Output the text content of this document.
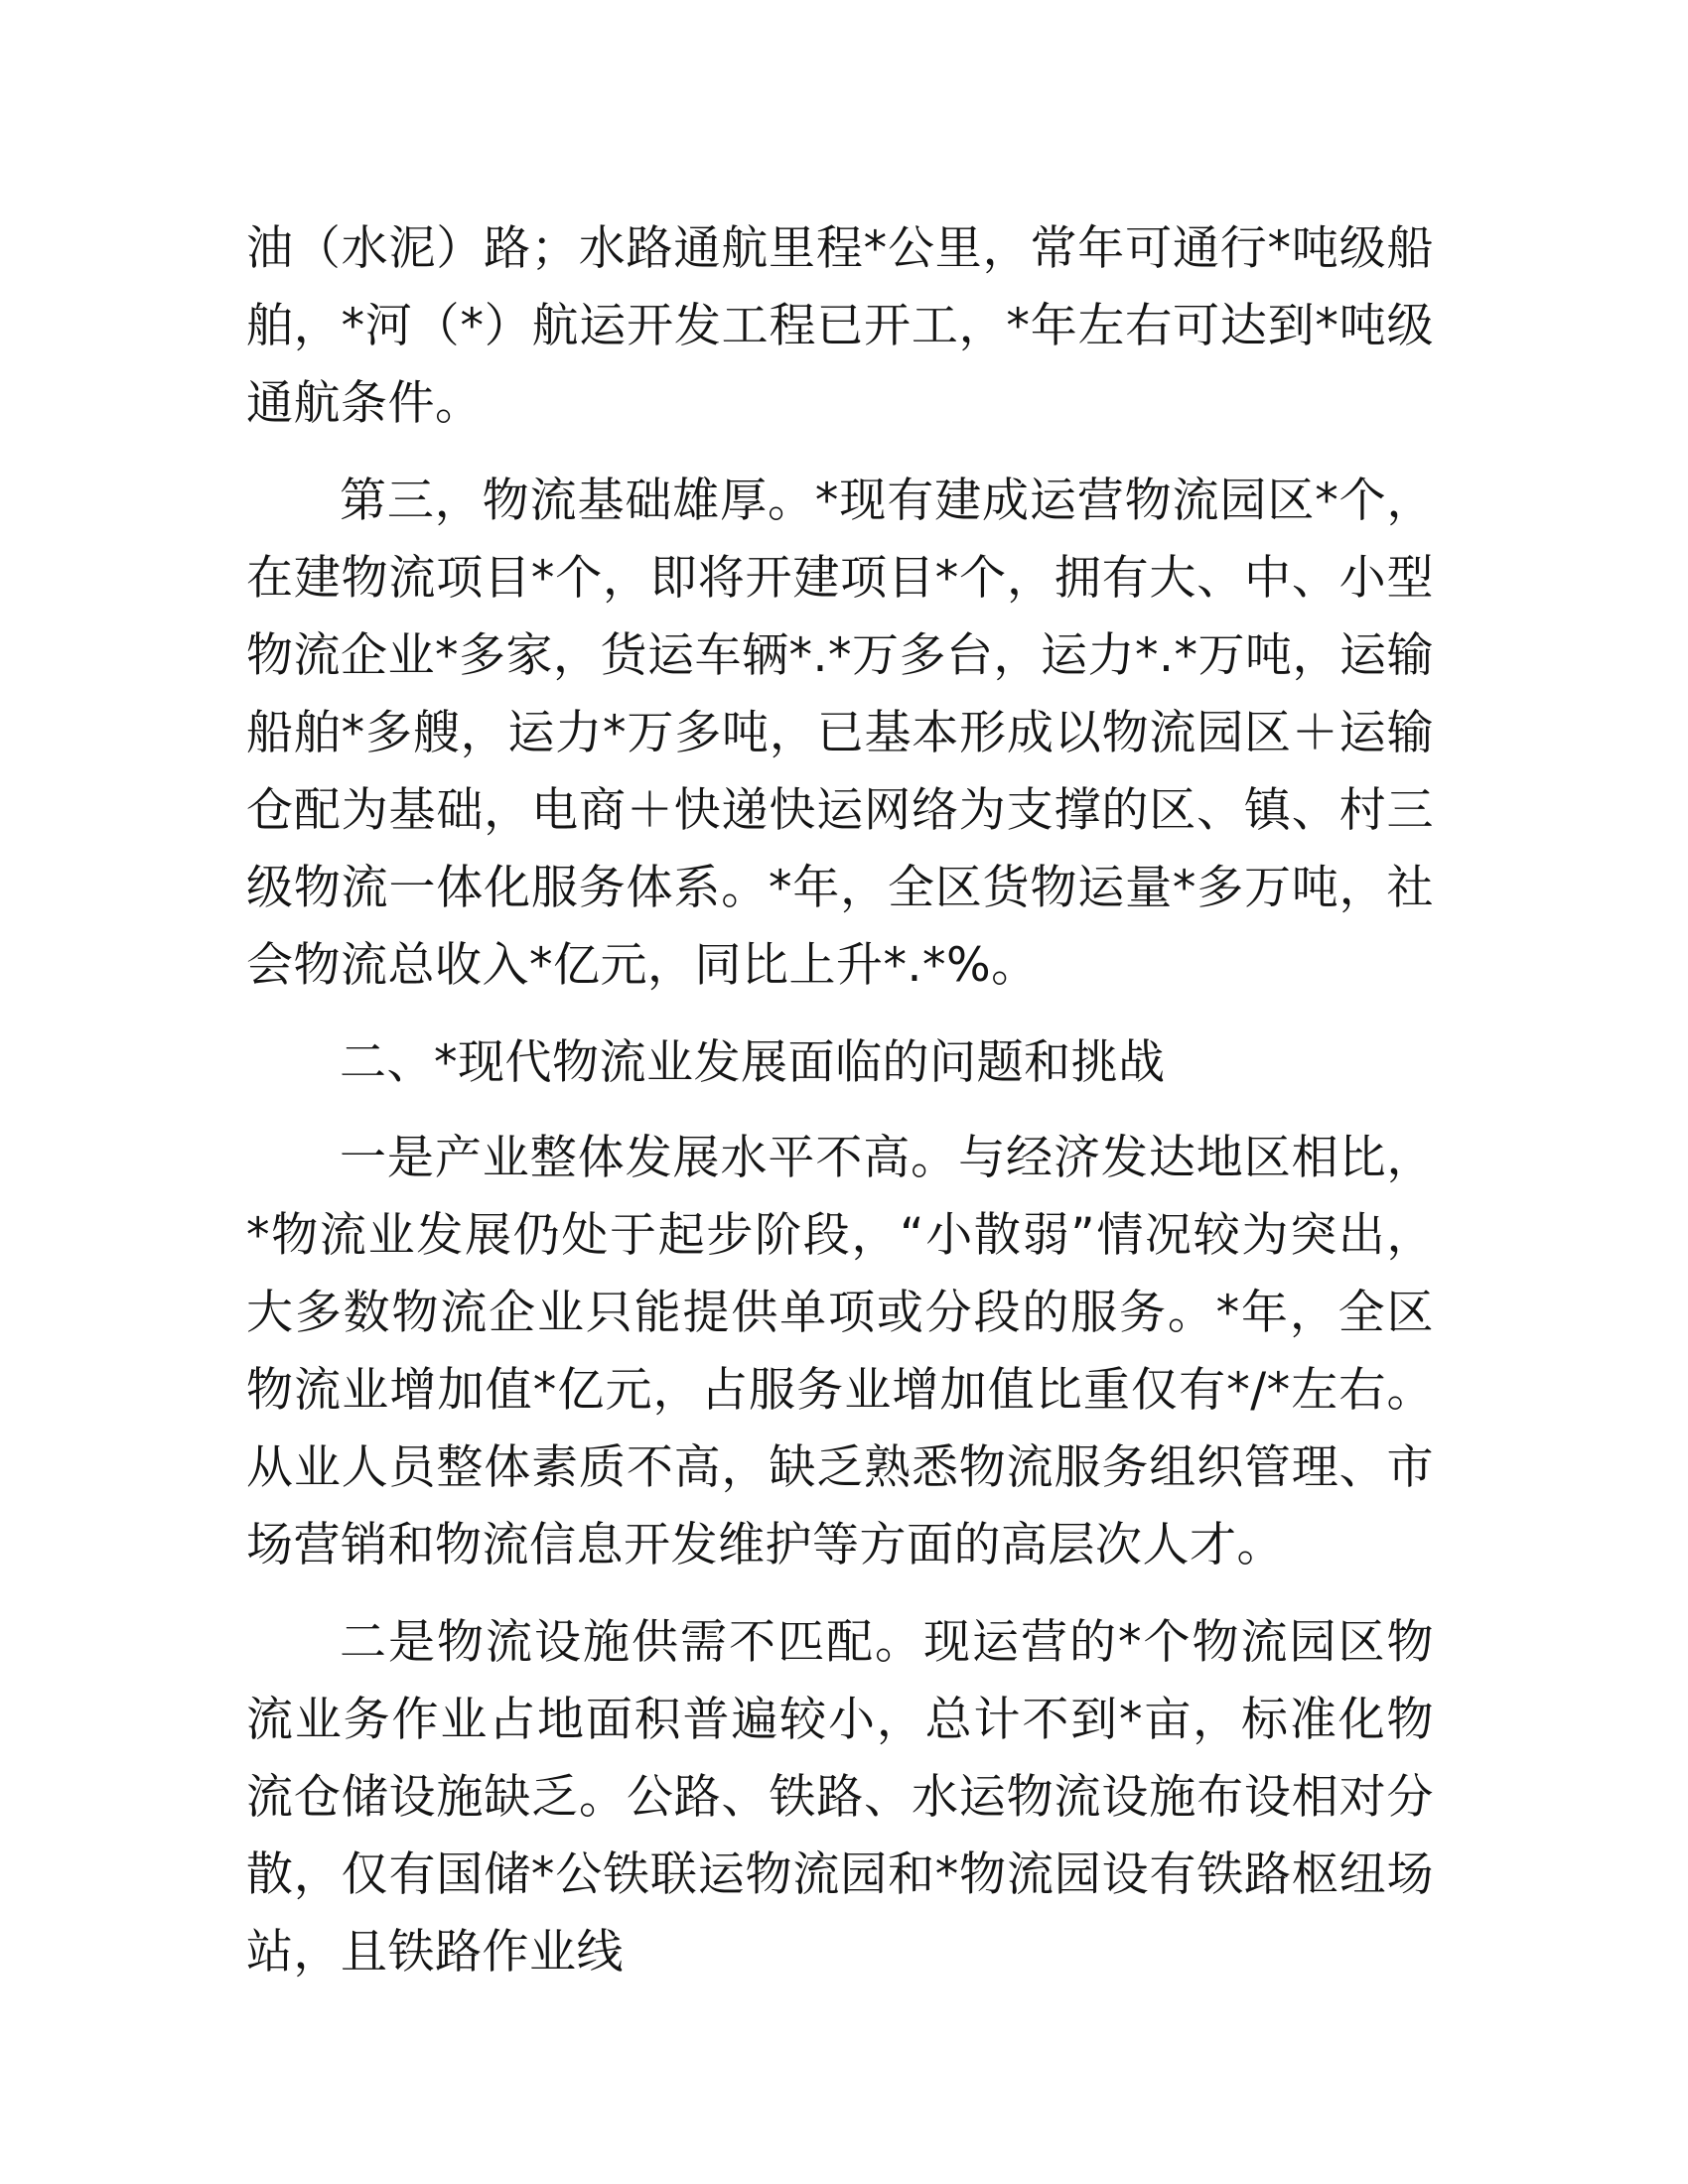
油（水泥）路；水路通航里程*公里，常年可通行*吨级船舶，*河（*）航运开发工程已开工，*年左右可达到*吨级通航条件。

第三，物流基础雄厚。*现有建成运营物流园区*个，在建物流项目*个，即将开建项目*个，拥有大、中、小型物流企业*多家，货运车辆*.*万多台，运力*.*万吨，运输船舶*多艘，运力*万多吨，已基本形成以物流园区＋运输仓配为基础，电商＋快递快运网络为支撑的区、镇、村三级物流一体化服务体系。*年，全区货物运量*多万吨，社会物流总收入*亿元，同比上升*.*%。

二、*现代物流业发展面临的问题和挑战

一是产业整体发展水平不高。与经济发达地区相比，*物流业发展仍处于起步阶段，“小散弱”情况较为突出，大多数物流企业只能提供单项或分段的服务。*年，全区物流业增加值*亿元，占服务业增加值比重仅有*/*左右。从业人员整体素质不高，缺乏熟悉物流服务组织管理、市场营销和物流信息开发维护等方面的高层次人才。

二是物流设施供需不匹配。现运营的*个物流园区物流业务作业占地面积普遍较小，总计不到*亩，标准化物流仓储设施缺乏。公路、铁路、水运物流设施布设相对分散，仅有国储*公铁联运物流园和*物流园设有铁路枢纽场站，且铁路作业线
